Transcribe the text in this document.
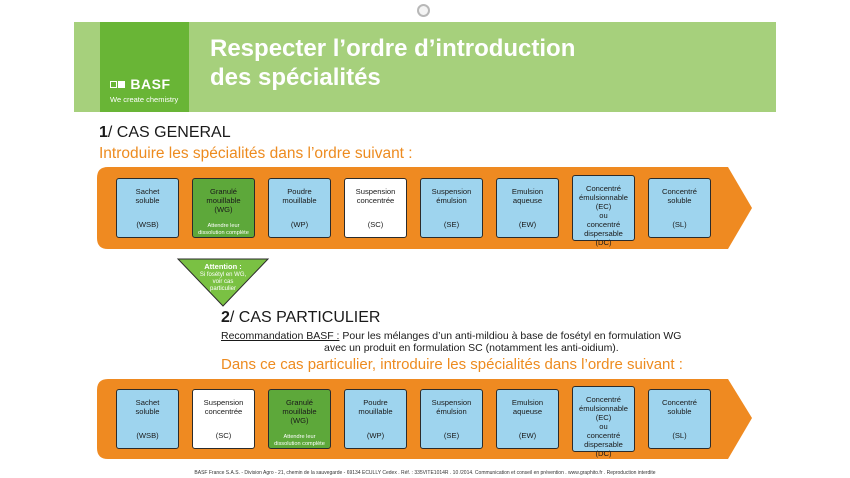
BASF
We create chemistry
Respecter l’ordre d’introduction
des spécialités
1/ CAS GENERAL
Introduire les spécialités dans l’ordre suivant :
Sachet
soluble
(WSB)
Granulé
mouillable
(WG)
Attendre leur
dissolution complète
Poudre
mouillable
(WP)
Suspension
concentrée
(SC)
Suspension
émulsion
(SE)
Emulsion
aqueuse
(EW)
Concentré
émulsionnable
(EC)
ou
concentré
dispersable
(DC)
Concentré
soluble
(SL)
Attention :
Si fosétyl en WG,
voir cas
particulier
2/ CAS PARTICULIER
Recommandation BASF : Pour les mélanges d’un anti-mildiou à base de fosétyl en formulation WG
avec un produit en formulation SC (notamment les anti-oidium).
Dans ce cas particulier, introduire les spécialités dans l’ordre suivant :
Sachet
soluble
(WSB)
Suspension
concentrée
(SC)
Granulé
mouillable
(WG)
Attendre leur
dissolution complète
Poudre
mouillable
(WP)
Suspension
émulsion
(SE)
Emulsion
aqueuse
(EW)
Concentré
émulsionnable
(EC)
ou
concentré
dispersable
(DC)
Concentré
soluble
(SL)
BASF France S.A.S. - Division Agro - 21, chemin de la sauvegarde - 69134 ECULLY Cedex . Réf. : 335VITE1014R . 10 /2014. Communication et conseil en prévention . www.graphito.fr . Reproduction interdite
